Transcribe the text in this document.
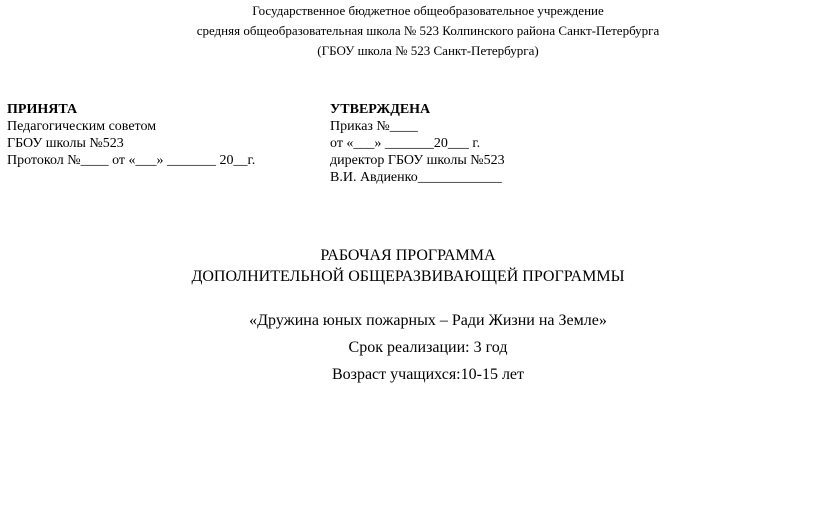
Государственное бюджетное общеобразовательное учреждение
средняя общеобразовательная школа № 523 Колпинского района Санкт-Петербурга
(ГБОУ школа № 523 Санкт-Петербурга)
ПРИНЯТА
Педагогическим советом
ГБОУ школы №523
Протокол №____ от «___» _______ 20__г.
УТВЕРЖДЕНА
Приказ №____
от «___» _______20___ г.
директор ГБОУ школы №523
В.И. Авдиенко____________
РАБОЧАЯ ПРОГРАММА
ДОПОЛНИТЕЛЬНОЙ ОБЩЕРАЗВИВАЮЩЕЙ ПРОГРАММЫ
«Дружина юных пожарных – Ради Жизни на Земле»
Срок реализации: 3 год
Возраст учащихся:10-15 лет
